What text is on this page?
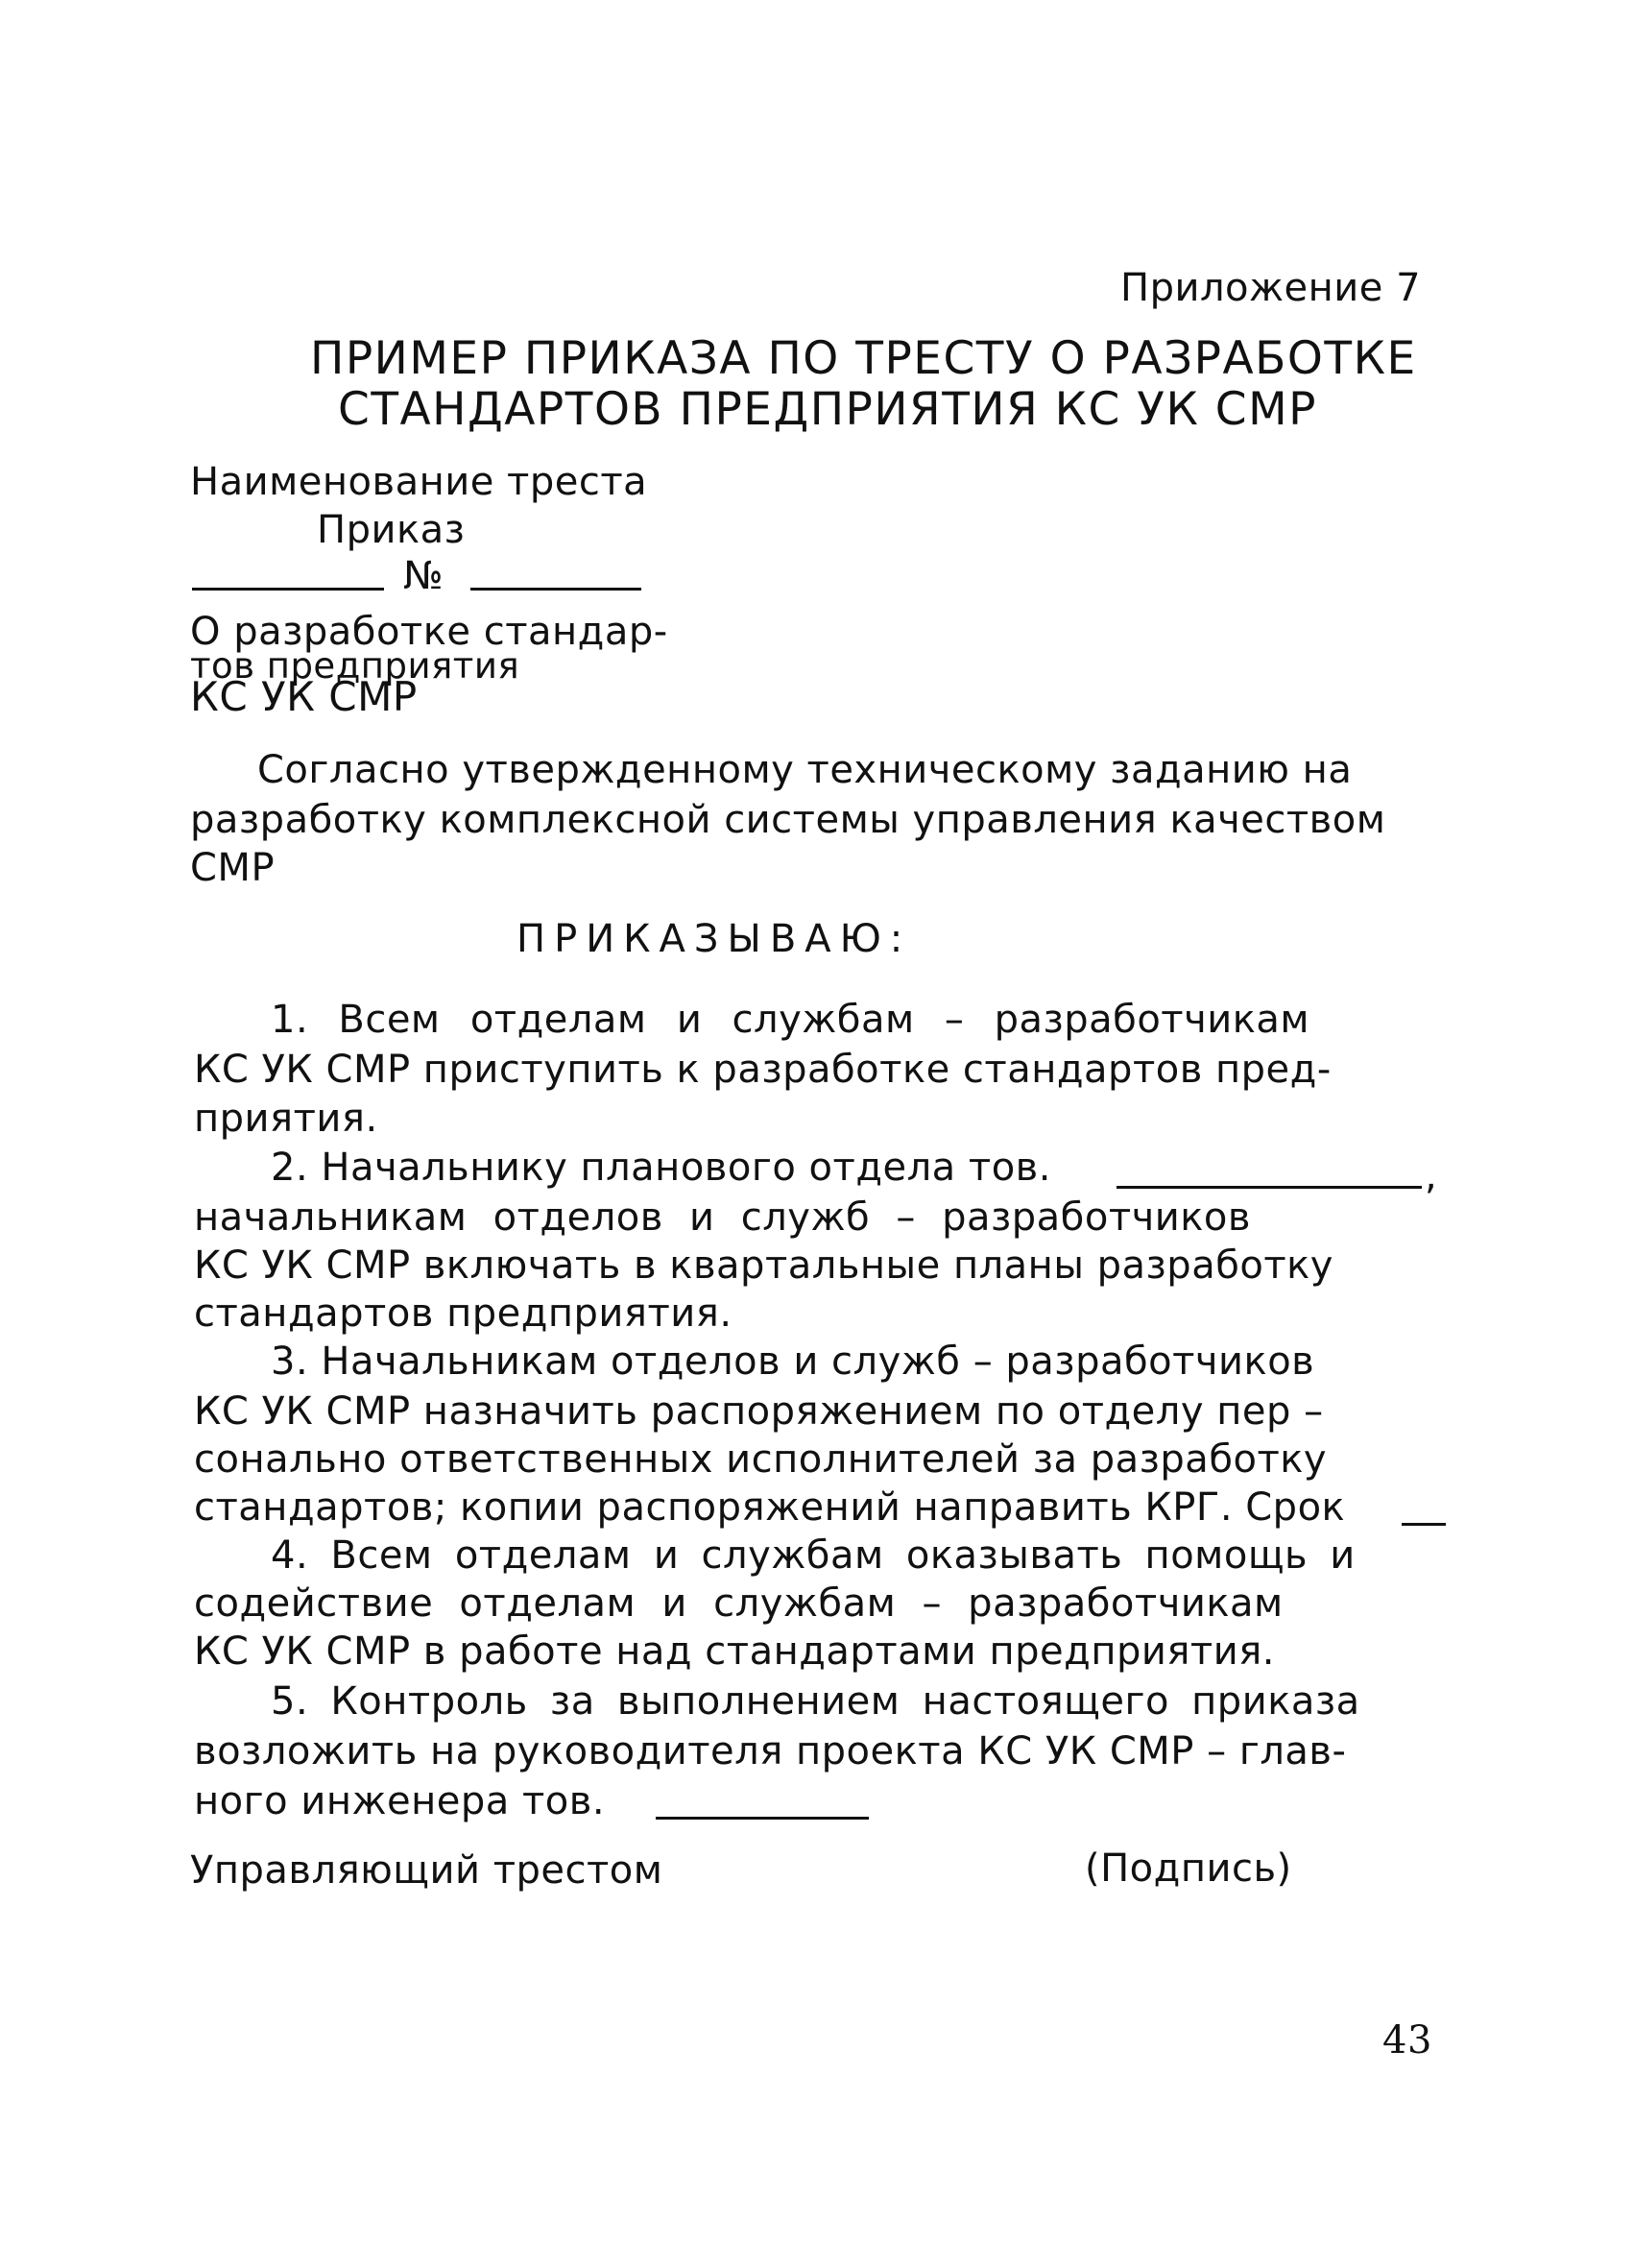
Приложение 7
ПРИМЕР ПРИКАЗА ПО ТРЕСТУ О РАЗРАБОТКЕ
СТАНДАРТОВ ПРЕДПРИЯТИЯ КС УК СМР
Наименование треста
Приказ
№
О разработке стандар-
тов предприятия
КС УК СМР
Согласно утвержденному техническому заданию на
разработку комплексной системы управления качеством
СМР
ПРИКАЗЫВАЮ:
1. Всем отделам и службам – разработчикам
КС УК СМР приступить к разработке стандартов пред-
приятия.
2. Начальнику планового отдела тов.	,
начальникам отделов и служб – разработчиков
КС УК СМР включать в квартальные планы разработку
стандартов предприятия.
3. Начальникам отделов и служб – разработчиков
КС УК СМР назначить распоряжением по отделу пер –
сонально ответственных исполнителей за разработку
стандартов; копии распоряжений направить КРГ. Срок
4. Всем отделам и службам оказывать помощь и
содействие отделам и службам – разработчикам
КС УК СМР в работе над стандартами предприятия.
5. Контроль за выполнением настоящего приказа
возложить на руководителя проекта КС УК СМР – глав-
ного инженера тов.
Управляющий трестом	(Подпись)
43
